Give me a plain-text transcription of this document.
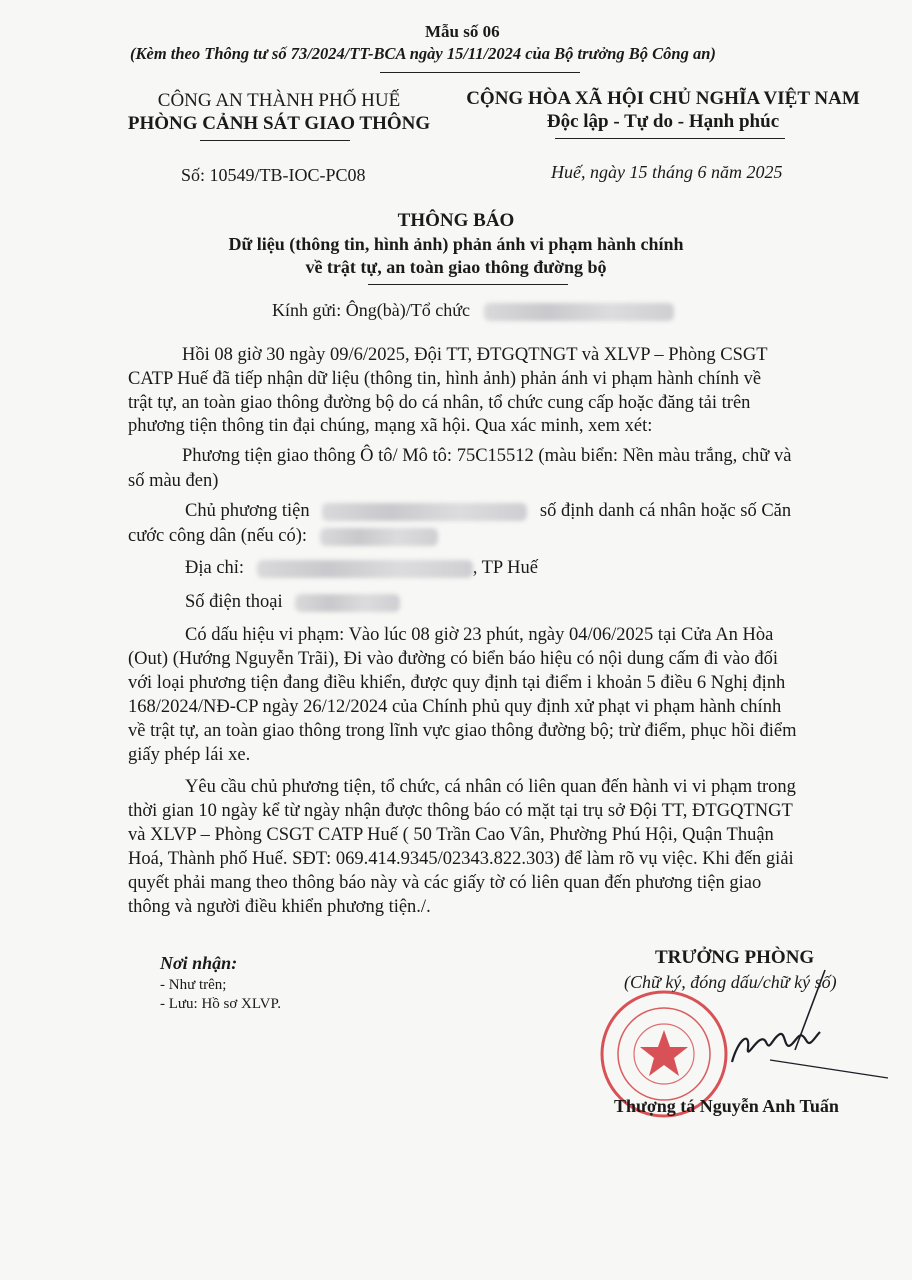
Mẫu số 06
(Kèm theo Thông tư số 73/2024/TT-BCA ngày 15/11/2024 của Bộ trưởng Bộ Công an)
CÔNG AN THÀNH PHỐ HUẾ
PHÒNG CẢNH SÁT GIAO THÔNG
CỘNG HÒA XÃ HỘI CHỦ NGHĨA VIỆT NAM
Độc lập - Tự do - Hạnh phúc
Số: 10549/TB-IOC-PC08	Huế, ngày 15 tháng 6 năm 2025
THÔNG BÁO
Dữ liệu (thông tin, hình ảnh) phản ánh vi phạm hành chính
về trật tự, an toàn giao thông đường bộ
Kính gửi: Ông(bà)/Tổ chức
Hồi 08 giờ 30 ngày 09/6/2025, Đội TT, ĐTGQTNGT và XLVP – Phòng CSGT
CATP Huế đã tiếp nhận dữ liệu (thông tin, hình ảnh) phản ánh vi phạm hành chính về
trật tự, an toàn giao thông đường bộ do cá nhân, tổ chức cung cấp hoặc đăng tải trên
phương tiện thông tin đại chúng, mạng xã hội. Qua xác minh, xem xét:
Phương tiện giao thông Ô tô/ Mô tô: 75C15512 (màu biển: Nền màu trắng, chữ và
số màu đen)
Chủ phương tiện	số định danh cá nhân hoặc số Căn
cước công dân (nếu có):
Địa chỉ:	, TP Huế
Số điện thoại
Có dấu hiệu vi phạm: Vào lúc 08 giờ 23 phút, ngày 04/06/2025 tại Cửa An Hòa
(Out) (Hướng Nguyễn Trãi), Đi vào đường có biển báo hiệu có nội dung cấm đi vào đối
với loại phương tiện đang điều khiển, được quy định tại điểm i khoản 5 điều 6 Nghị định
168/2024/NĐ-CP ngày 26/12/2024 của Chính phủ quy định xử phạt vi phạm hành chính
về trật tự, an toàn giao thông trong lĩnh vực giao thông đường bộ; trừ điểm, phục hồi điểm
giấy phép lái xe.
Yêu cầu chủ phương tiện, tổ chức, cá nhân có liên quan đến hành vi vi phạm trong
thời gian 10 ngày kể từ ngày nhận được thông báo có mặt tại trụ sở Đội TT, ĐTGQTNGT
và XLVP – Phòng CSGT CATP Huế ( 50 Trần Cao Vân, Phường Phú Hội, Quận Thuận
Hoá, Thành phố Huế. SĐT: 069.414.9345/02343.822.303) để làm rõ vụ việc. Khi đến giải
quyết phải mang theo thông báo này và các giấy tờ có liên quan đến phương tiện giao
thông và người điều khiển phương tiện./.
Nơi nhận:
- Như trên;
- Lưu: Hồ sơ XLVP.
TRƯỞNG PHÒNG
(Chữ ký, đóng dấu/chữ ký số)
Thượng tá Nguyễn Anh Tuấn
